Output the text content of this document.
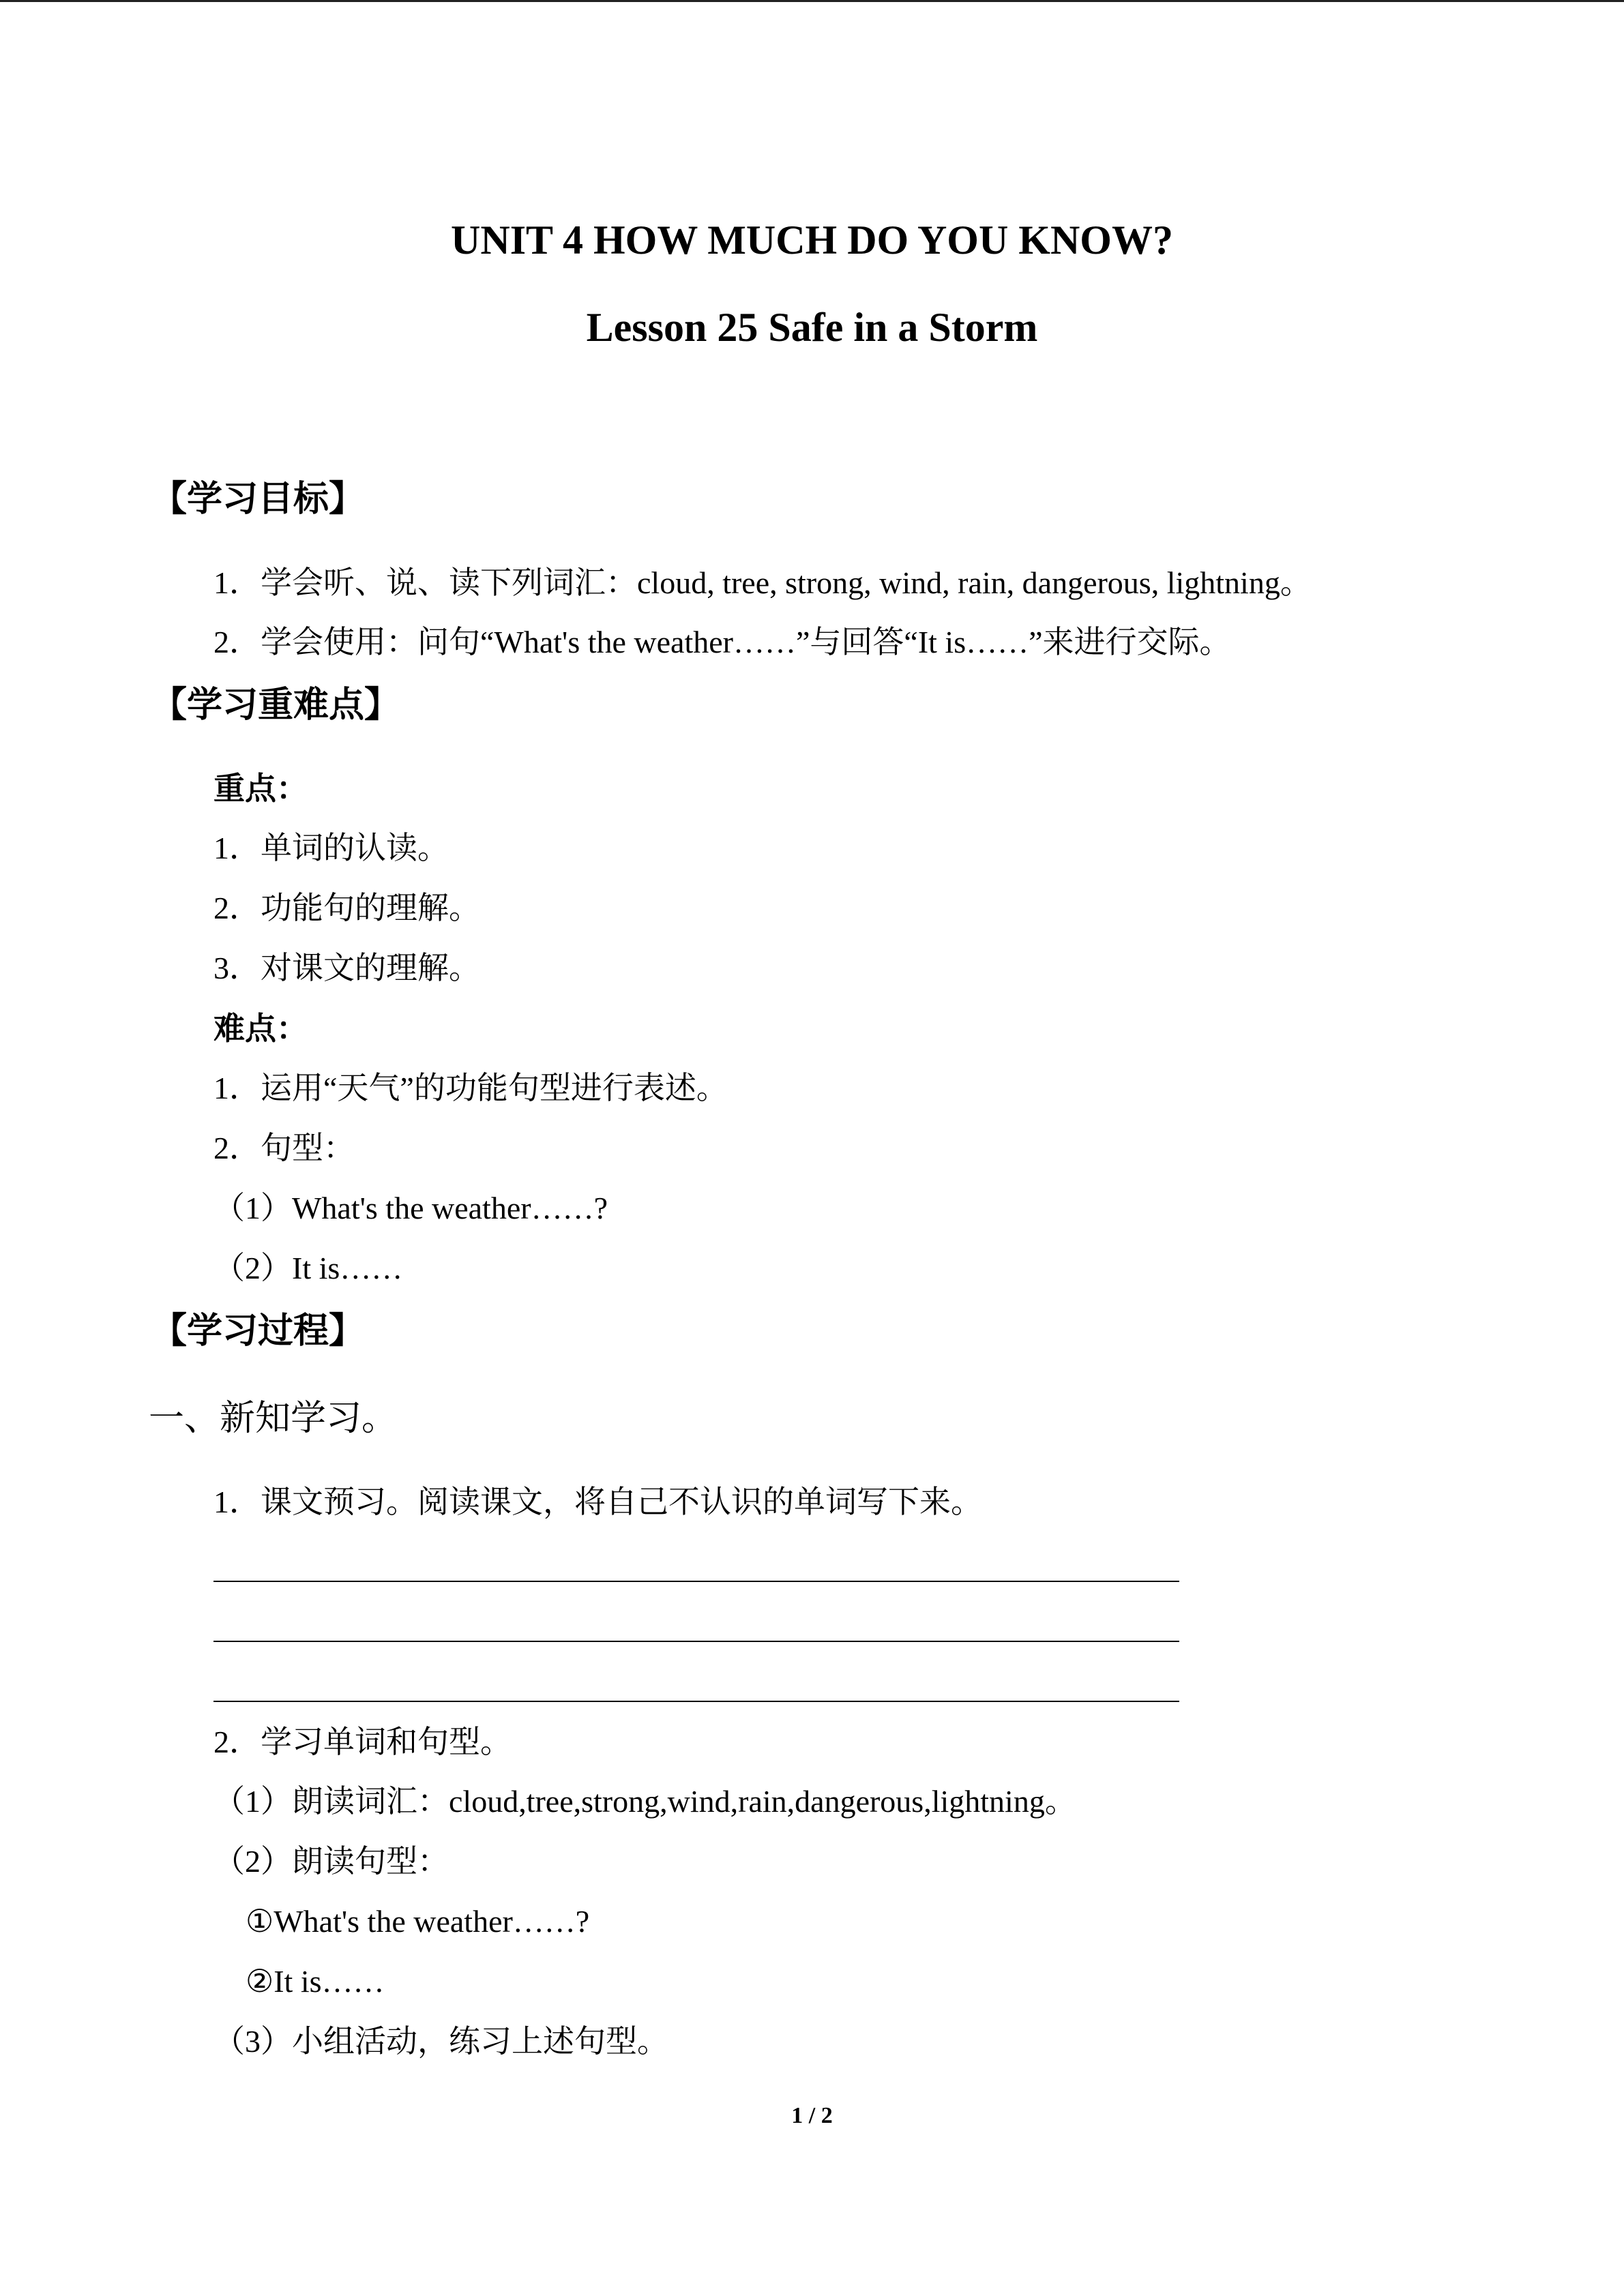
UNIT 4 HOW MUCH DO YOU KNOW?
Lesson 25 Safe in a Storm
【学习目标】
1．学会听、说、读下列词汇：cloud, tree, strong, wind, rain, dangerous, lightning。
2．学会使用：问句“What's the weather……”与回答“It is……”来进行交际。
【学习重难点】
重点：
1．单词的认读。
2．功能句的理解。
3．对课文的理解。
难点：
1．运用“天气”的功能句型进行表述。
2．句型：
（1）What's the weather……?
（2）It is……
【学习过程】
一、新知学习。
1．课文预习。阅读课文，将自己不认识的单词写下来。
2．学习单词和句型。
（1）朗读词汇：cloud,tree,strong,wind,rain,dangerous,lightning。
（2）朗读句型：
①What's the weather……?
②It is……
（3）小组活动，练习上述句型。
1 / 2
